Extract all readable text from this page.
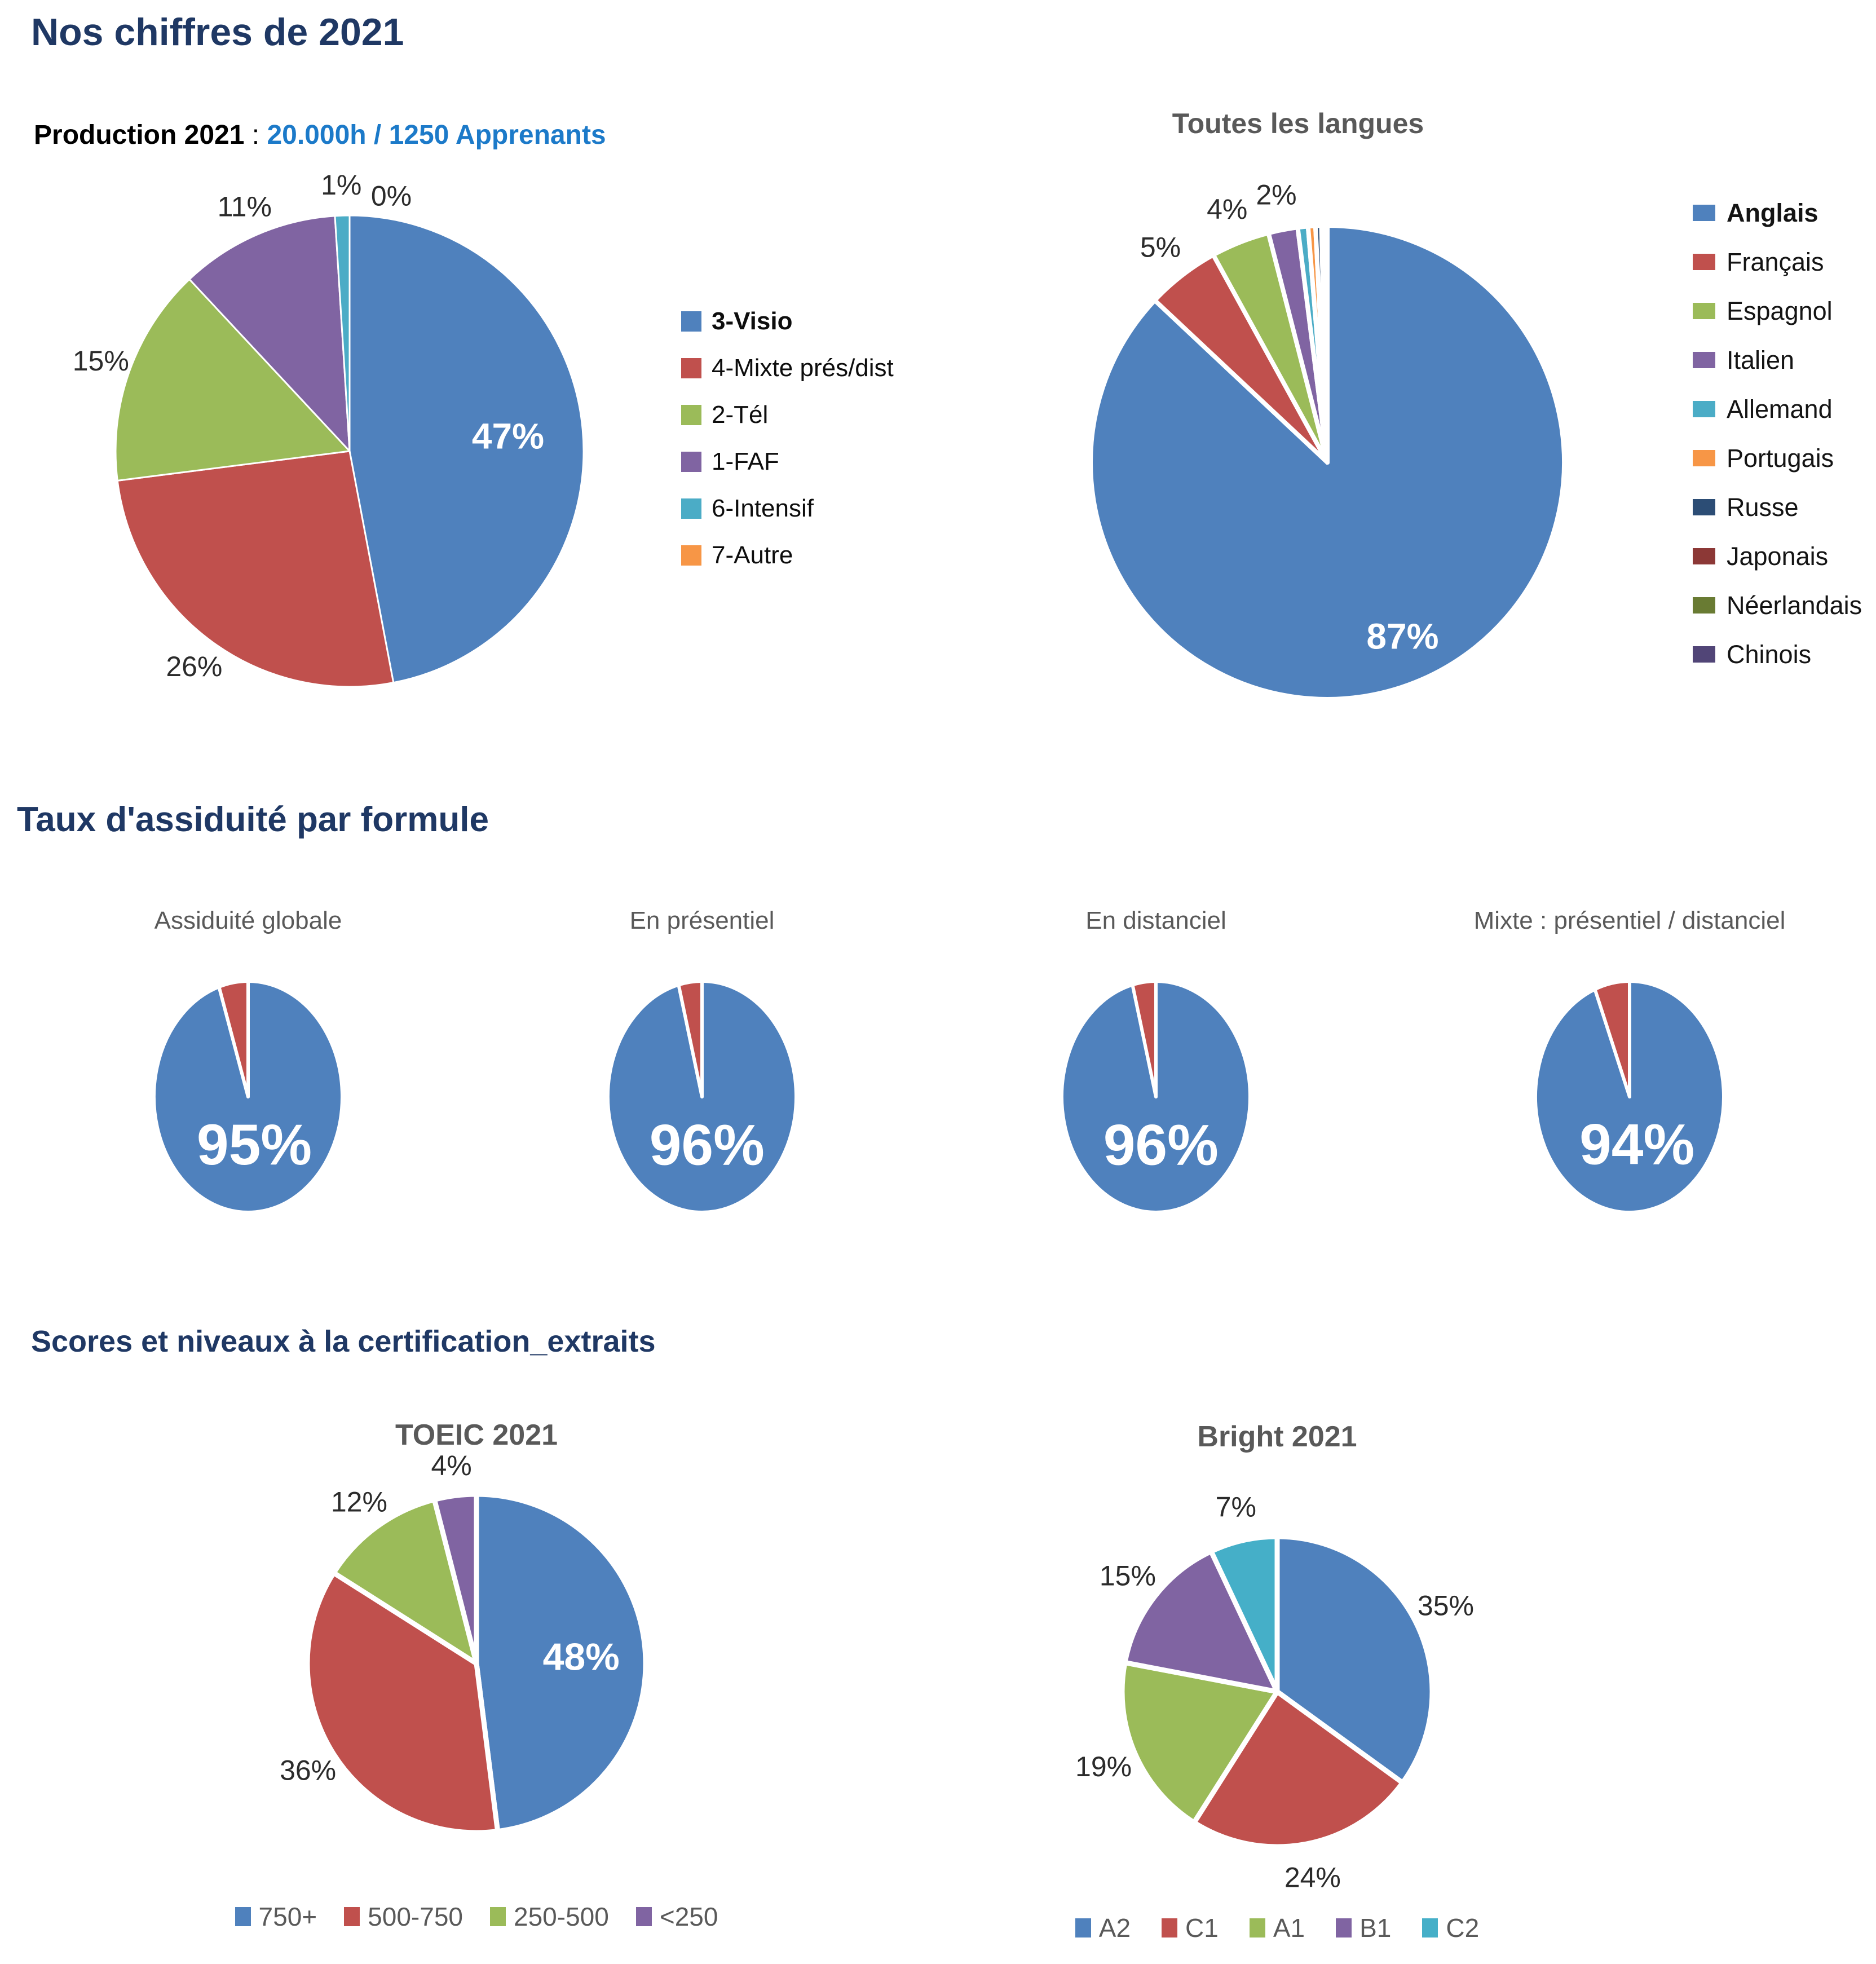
47%
26%
15%
11%
1% 0%
87%
5%
4% 2%
95%	96%	96%	94%
48%
36%
12%
4%
35%
24%
19%
15%
7%
Nos chiffres de 2021
Production 2021 : 20.000h / 1250 Apprenants	Toutes les langues
3-Visio
4-Mixte prés/dist
2-Tél
1-FAF
6-Intensif
7-Autre
Anglais
Français
Espagnol
Italien
Allemand
Portugais
Russe
Japonais
Néerlandais
Chinois
Taux d'assiduité par formule
Assiduité globale	En présentiel	En distanciel	Mixte : présentiel / distanciel
Scores et niveaux à la certification_extraits
TOEIC 2021	Bright 2021
750+ 500-750 250-500 <250	A2 C1 A1 B1 C2
